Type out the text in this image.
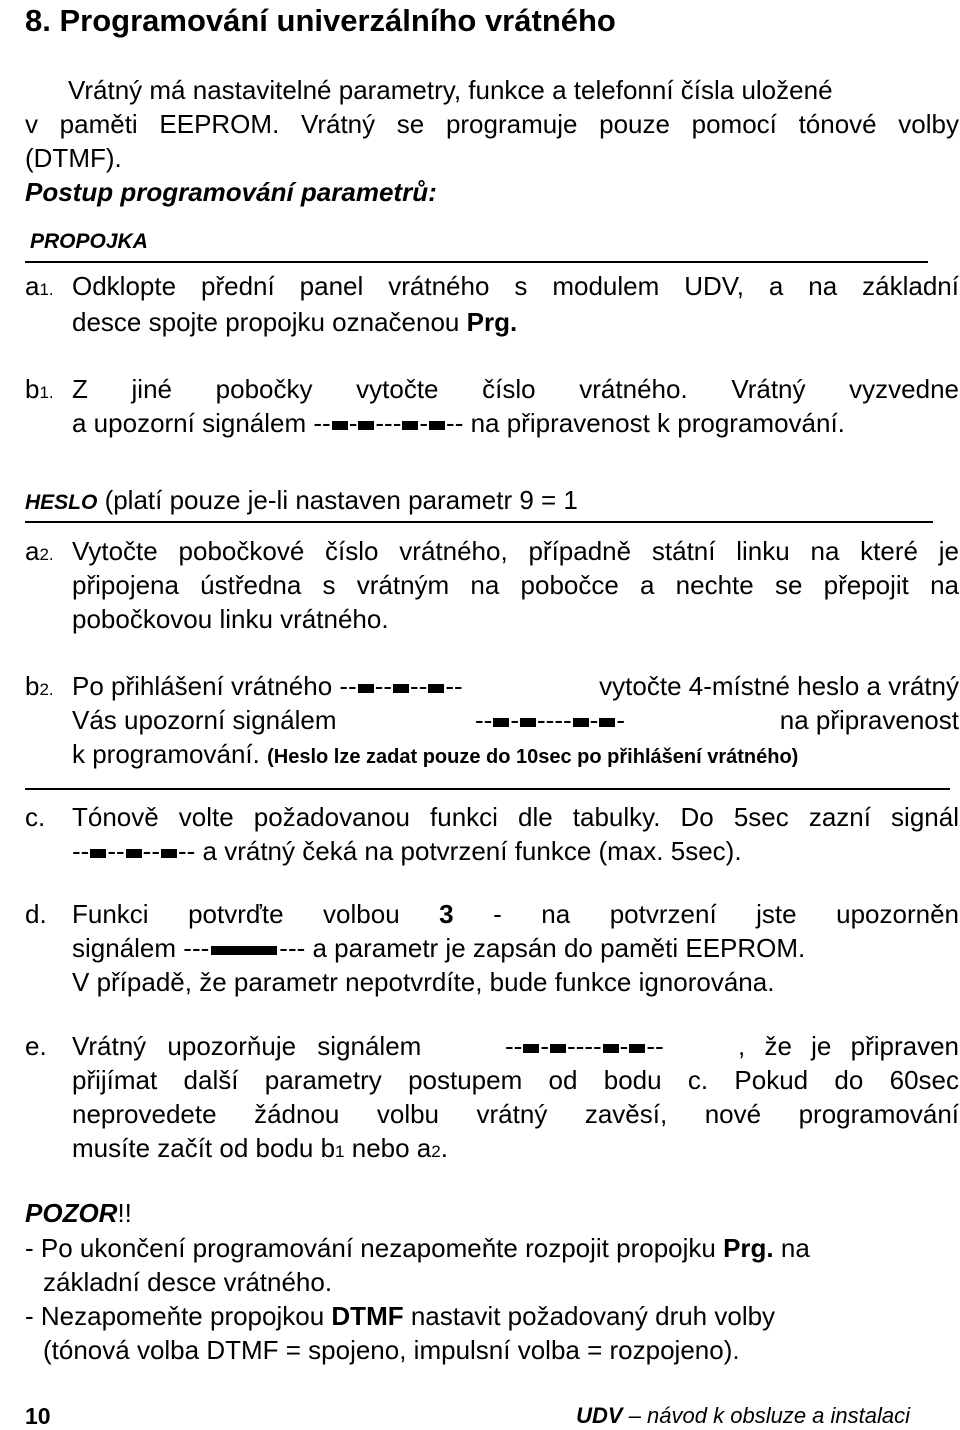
8. Programování univerzálního vrátného
Vrátný má nastavitelné parametry, funkce a telefonní čísla uložené
v paměti EEPROM. Vrátný se programuje pouze pomocí tónové volby
(DTMF).
Postup programování parametrů:
PROPOJKA
a1. Odklopte přední panel vrátného s modulem UDV, a na základní
desce spojte propojku označenou Prg.
b1. Z jiné pobočky vytočte číslo vrátného. Vrátný vyzvedne
a upozorní signálem -- - --- - -- na připravenost k programování.
HESLO (platí pouze je-li nastaven parametr 9 = 1
a2. Vytočte pobočkové číslo vrátného, případně státní linku na které je
připojena ústředna s vrátným na pobočce a nechte se přepojit na
pobočkovou linku vrátného.
b2. Po přihlášení vrátného -- -- -- --	vytočte 4-místné heslo a vrátný
Vás upozorní signálem	-- - ---- - -	na připravenost
k programování. (Heslo lze zadat pouze do 10sec po přihlášení vrátného)
c. Tónově volte požadovanou funkci dle tabulky. Do 5sec zazní signál
-- -- -- -- a vrátný čeká na potvrzení funkce (max. 5sec).
d. Funkci potvrďte volbou 3 - na potvrzení jste upozorněn
signálem ---	--- a parametr je zapsán do paměti EEPROM.
V případě, že parametr nepotvrdíte, bude funkce ignorována.
e. Vrátný upozorňuje signálem	-- - ---- - --	, že je připraven
přijímat další parametry postupem od bodu c. Pokud do 60sec
neprovedete žádnou volbu vrátný zavěsí, nové programování
musíte začít od bodu b1 nebo a2.
POZOR!!
- Po ukončení programování nezapomeňte rozpojit propojku Prg. na
základní desce vrátného.
- Nezapomeňte propojkou DTMF nastavit požadovaný druh volby
(tónová volba DTMF = spojeno, impulsní volba = rozpojeno).
10	UDV – návod k obsluze a instalaci
